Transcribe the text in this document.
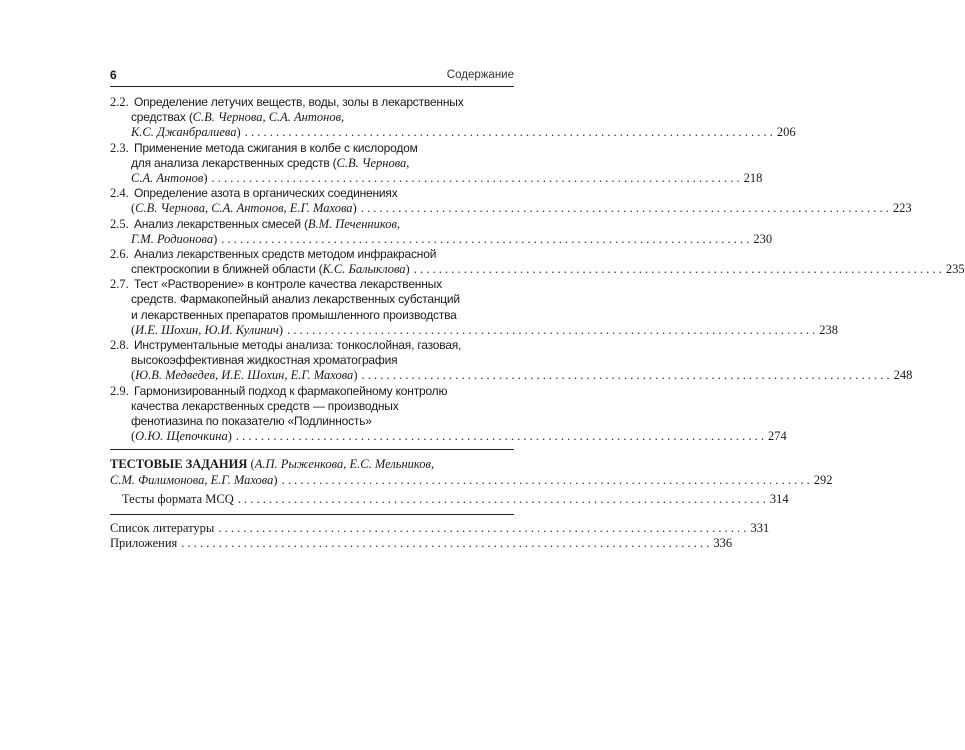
6	Содержание
2.2. Определение летучих веществ, воды, золы в лекарственных
средствах (С.В. Чернова, С.А. Антонов,
К.С. Джанбралиева) . . .	206
2.3. Применение метода сжигания в колбе с кислородом
для анализа лекарственных средств (С.В. Чернова,
С.А. Антонов) . . .	218
2.4. Определение азота в органических соединениях
(С.В. Чернова, С.А. Антонов, Е.Г. Махова) . . .	223
2.5. Анализ лекарственных смесей (В.М. Печенников,
Г.М. Родионова) . . .	230
2.6. Анализ лекарственных средств методом инфракрасной
спектроскопии в ближней области (К.С. Балыклова) . . .	235
2.7. Тест «Растворение» в контроле качества лекарственных
средств. Фармакопейный анализ лекарственных субстанций
и лекарственных препаратов промышленного производства
(И.Е. Шохин, Ю.И. Кулинич) . . .	238
2.8. Инструментальные методы анализа: тонкослойная, газовая,
высокоэффективная жидкостная хроматография
(Ю.В. Медведев, И.Е. Шохин, Е.Г. Махова) . . .	248
2.9. Гармонизированный подход к фармакопейному контролю
качества лекарственных средств — производных
фенотиазина по показателю «Подлинность»
(О.Ю. Щепочкина) . . .	274
ТЕСТОВЫЕ ЗАДАНИЯ (А.П. Рыженкова, Е.С. Мельников,
С.М. Филимонова, Е.Г. Махова) . . .	292
Тесты формата MCQ . . .	314
Список литературы . . .	331
Приложения . . .	336
